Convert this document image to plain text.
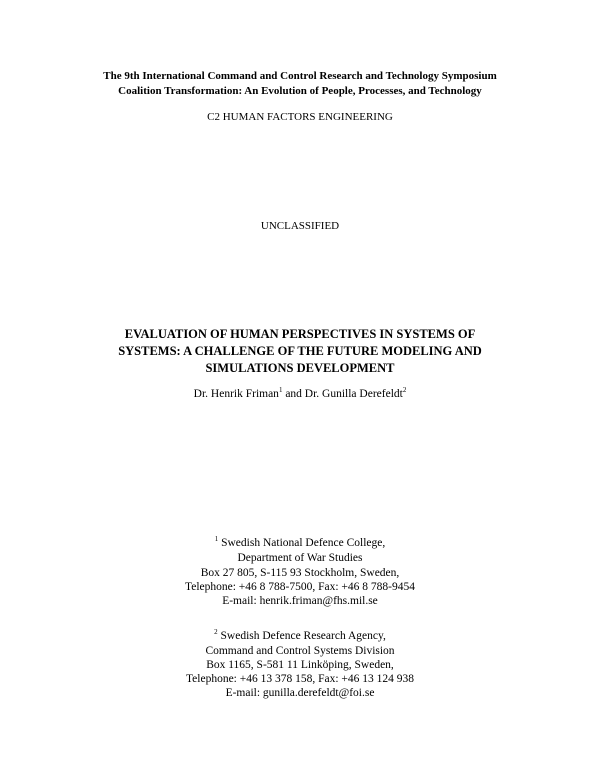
The 9th International Command and Control Research and Technology Symposium
Coalition Transformation: An Evolution of People, Processes, and Technology
C2 HUMAN FACTORS ENGINEERING
UNCLASSIFIED
EVALUATION OF HUMAN PERSPECTIVES IN SYSTEMS OF
SYSTEMS: A CHALLENGE OF THE FUTURE MODELING AND
SIMULATIONS DEVELOPMENT
Dr. Henrik Friman$^1$ and Dr. Gunilla Derefeldt$^2$
$^1$ Swedish National Defence College,
Department of War Studies
Box 27 805, S-115 93 Stockholm, Sweden,
Telephone: +46 8 788-7500, Fax: +46 8 788-9454
E-mail: henrik.friman@fhs.mil.se
$^2$ Swedish Defence Research Agency,
Command and Control Systems Division
Box 1165, S-581 11 Linköping, Sweden,
Telephone: +46 13 378 158, Fax: +46 13 124 938
E-mail: gunilla.derefeldt@foi.se
